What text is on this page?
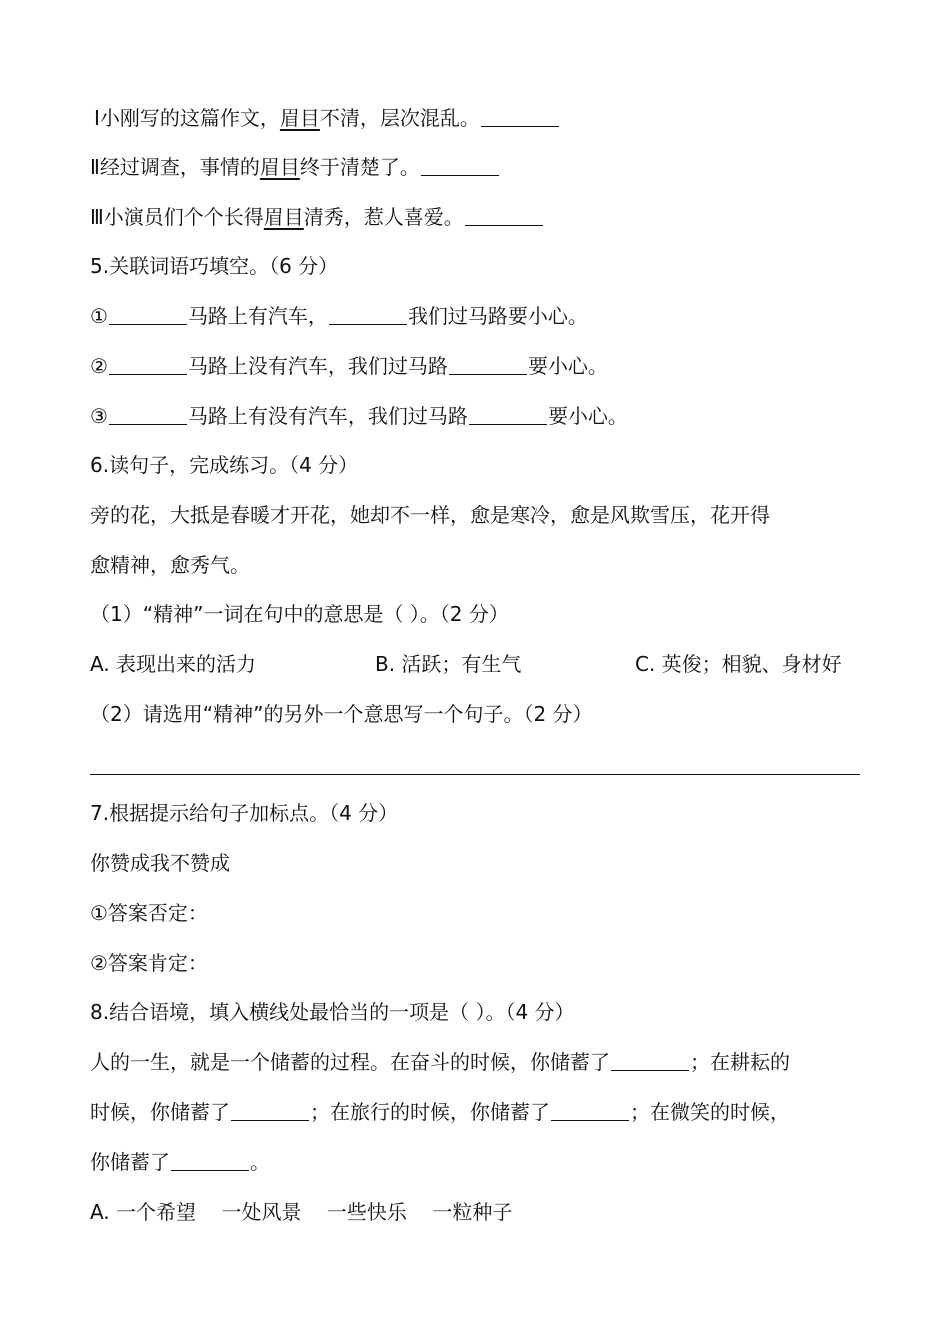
Ⅰ小刚写的这篇作文，眉目不清，层次混乱。
Ⅱ经过调查，事情的眉目终于清楚了。
Ⅲ小演员们个个长得眉目清秀，惹人喜爱。
5.关联词语巧填空。（6 分）
①	马路上有汽车，	我们过马路要小心。
②	马路上没有汽车，我们过马路	要小心。
③	马路上有没有汽车，我们过马路	要小心。
6.读句子，完成练习。（4 分）
旁的花，大抵是春暖才开花，她却不一样，愈是寒冷，愈是风欺雪压，花开得
愈精神，愈秀气。
（1）“精神”一词在句中的意思是（ ）。（2 分）
A. 表现出来的活力	B. 活跃；有生气	C. 英俊；相貌、身材好
（2）请选用“精神”的另外一个意思写一个句子。（2 分）
7.根据提示给句子加标点。（4 分）
你赞成我不赞成
①答案否定：
②答案肯定：
8.结合语境，填入横线处最恰当的一项是（ ）。（4 分）
人的一生，就是一个储蓄的过程。在奋斗的时候，你储蓄了	；在耕耘的
时候，你储蓄了	；在旅行的时候，你储蓄了	；在微笑的时候，
你储蓄了	。
A. 一个希望    一处风景    一些快乐    一粒种子
